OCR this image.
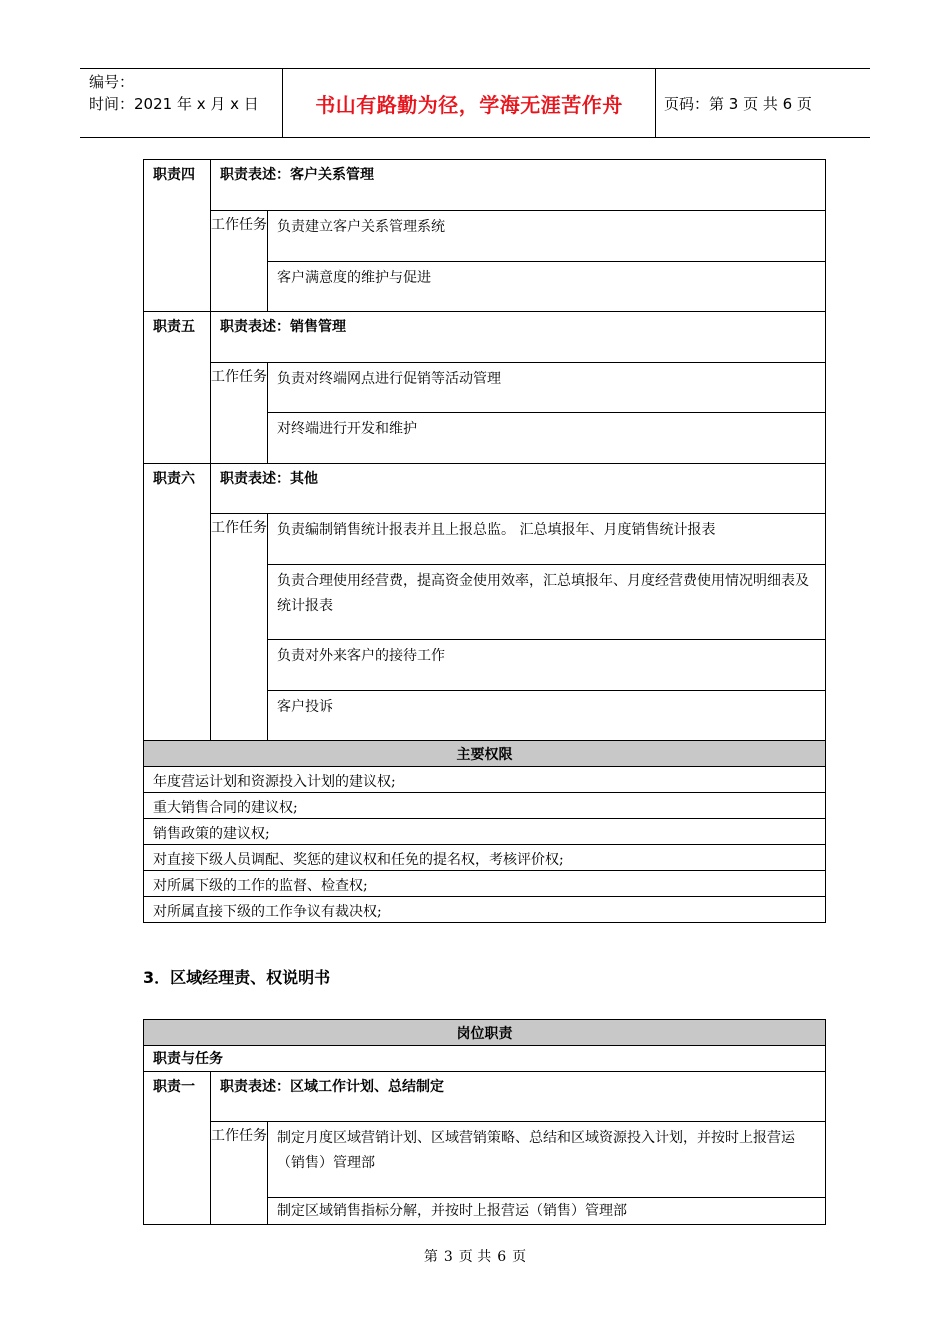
编号：
时间：2021 年 x 月 x 日	书山有路勤为径，学海无涯苦作舟	页码：第 3 页 共 6 页
职责四	职责表述：客户关系管理	
	工作任务	负责建立客户关系管理系统
		客户满意度的维护与促进
职责五	职责表述：销售管理	
	工作任务	负责对终端网点进行促销等活动管理
		对终端进行开发和维护
职责六	职责表述：其他	
	工作任务	负责编制销售统计报表并且上报总监。 汇总填报年、月度销售统计报表
		负责合理使用经营费，提高资金使用效率，汇总填报年、月度经营费使用情况明细表及统计报表
		负责对外来客户的接待工作
		客户投诉
主要权限		
年度营运计划和资源投入计划的建议权;		
重大销售合同的建议权;		
销售政策的建议权;		
对直接下级人员调配、奖惩的建议权和任免的提名权，考核评价权;		
对所属下级的工作的监督、检查权;		
对所属直接下级的工作争议有裁决权;		
3．区域经理责、权说明书
岗位职责		
职责与任务		
职责一	职责表述：区域工作计划、总结制定	
	工作任务	制定月度区域营销计划、区域营销策略、总结和区域资源投入计划，并按时上报营运（销售）管理部
		制定区域销售指标分解，并按时上报营运（销售）管理部
第 3 页 共 6 页
